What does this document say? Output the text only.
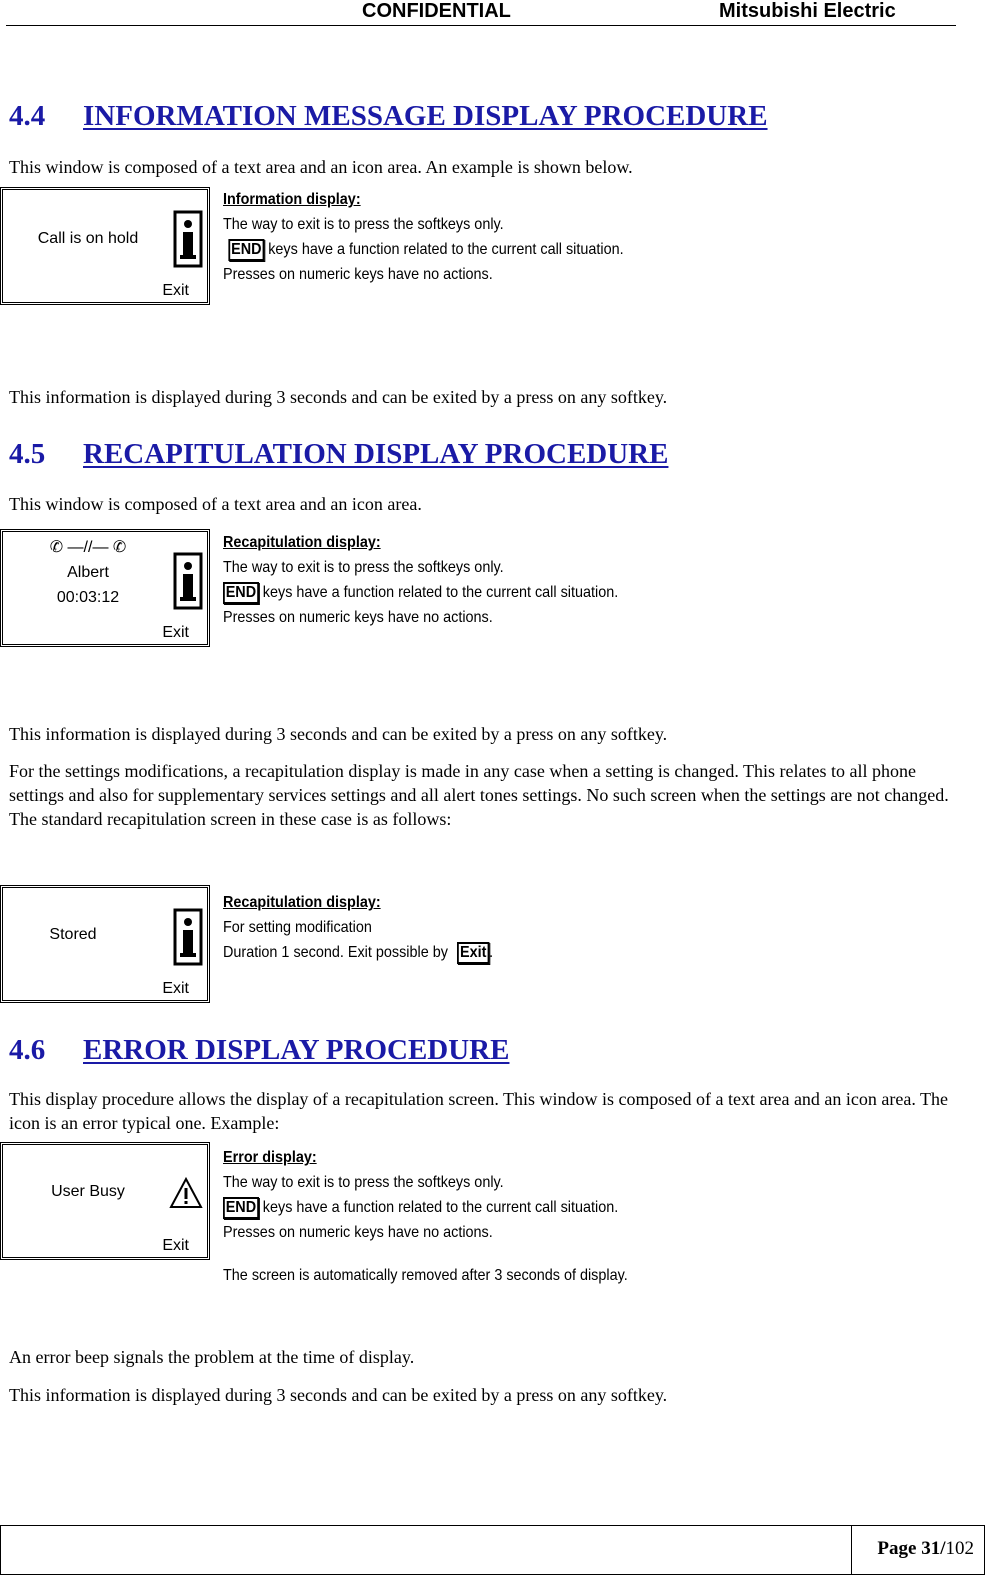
CONFIDENTIAL	Mitsubishi Electric
4.4 INFORMATION MESSAGE DISPLAY PROCEDURE
This window is composed of a text area and an icon area. An example is shown below.
Call is on hold
Exit
Information display:
The way to exit is to press the softkeys only.
END keys have a function related to the current call situation.
Presses on numeric keys have no actions.
This information is displayed during 3 seconds and can be exited by a press on any softkey.
4.5 RECAPITULATION DISPLAY PROCEDURE
This window is composed of a text area and an icon area.
✆ —//— ✆
Albert
00:03:12
Exit
Recapitulation display:
The way to exit is to press the softkeys only.
END keys have a function related to the current call situation.
Presses on numeric keys have no actions.
This information is displayed during 3 seconds and can be exited by a press on any softkey.
For the settings modifications, a recapitulation display is made in any case when a setting is changed. This relates to all phone settings and also for supplementary services settings and all alert tones settings. No such screen when the settings are not changed. The standard recapitulation screen in these case is as follows:
Stored
Exit
Recapitulation display:
For setting modification
Duration 1 second. Exit possible by Exit .
4.6 ERROR DISPLAY PROCEDURE
This display procedure allows the display of a recapitulation screen. This window is composed of a text area and an icon area. The icon is an error typical one. Example:
User Busy
Exit
Error display:
The way to exit is to press the softkeys only.
END keys have a function related to the current call situation.
Presses on numeric keys have no actions.
The screen is automatically removed after 3 seconds of display.
An error beep signals the problem at the time of display.
This information is displayed during 3 seconds and can be exited by a press on any softkey.
Page 31/102
